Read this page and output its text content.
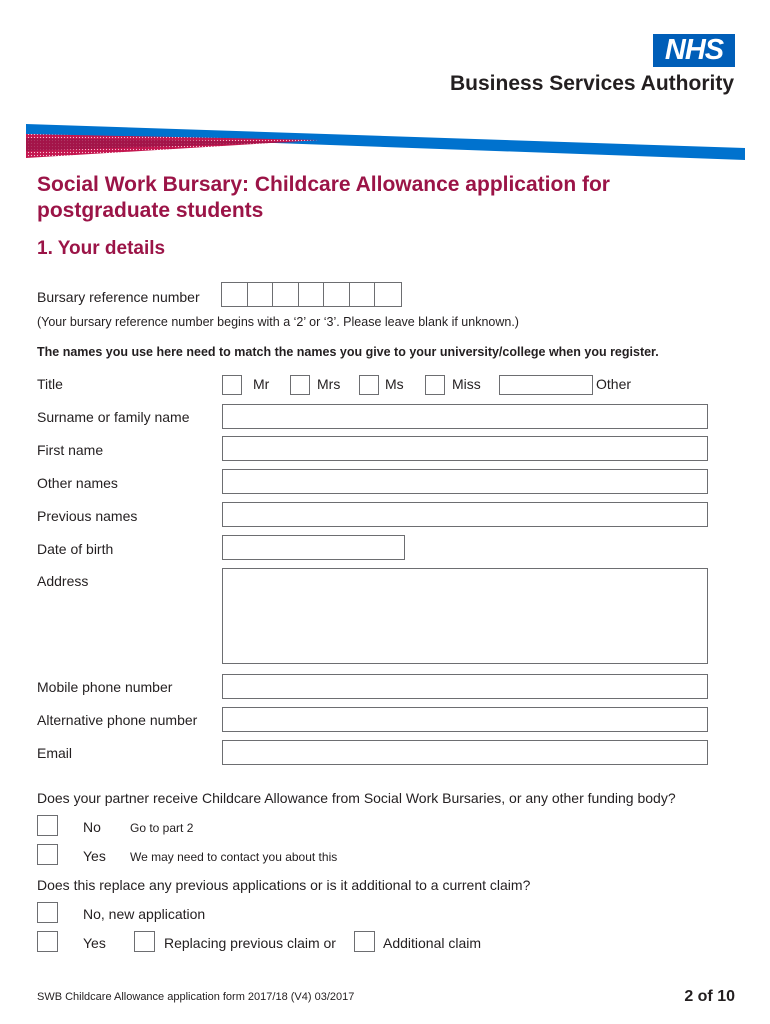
NHS
Business Services Authority
Social Work Bursary: Childcare Allowance application for postgraduate students
1. Your details
Bursary reference number
(Your bursary reference number begins with a ‘2’ or ‘3’. Please leave blank if unknown.)
The names you use here need to match the names you give to your university/college when you register.
Title	Mr	Mrs	Ms	Miss	Other
Surname or family name
First name
Other names
Previous names
Date of birth
Address
Mobile phone number
Alternative phone number
Email
Does your partner receive Childcare Allowance from Social Work Bursaries, or any other funding body?
No Go to part 2
Yes We may need to contact you about this
Does this replace any previous applications or is it additional to a current claim?
No, new application
Yes	Replacing previous claim or	Additional claim
SWB Childcare Allowance application form 2017/18 (V4) 03/2017	2 of 10
